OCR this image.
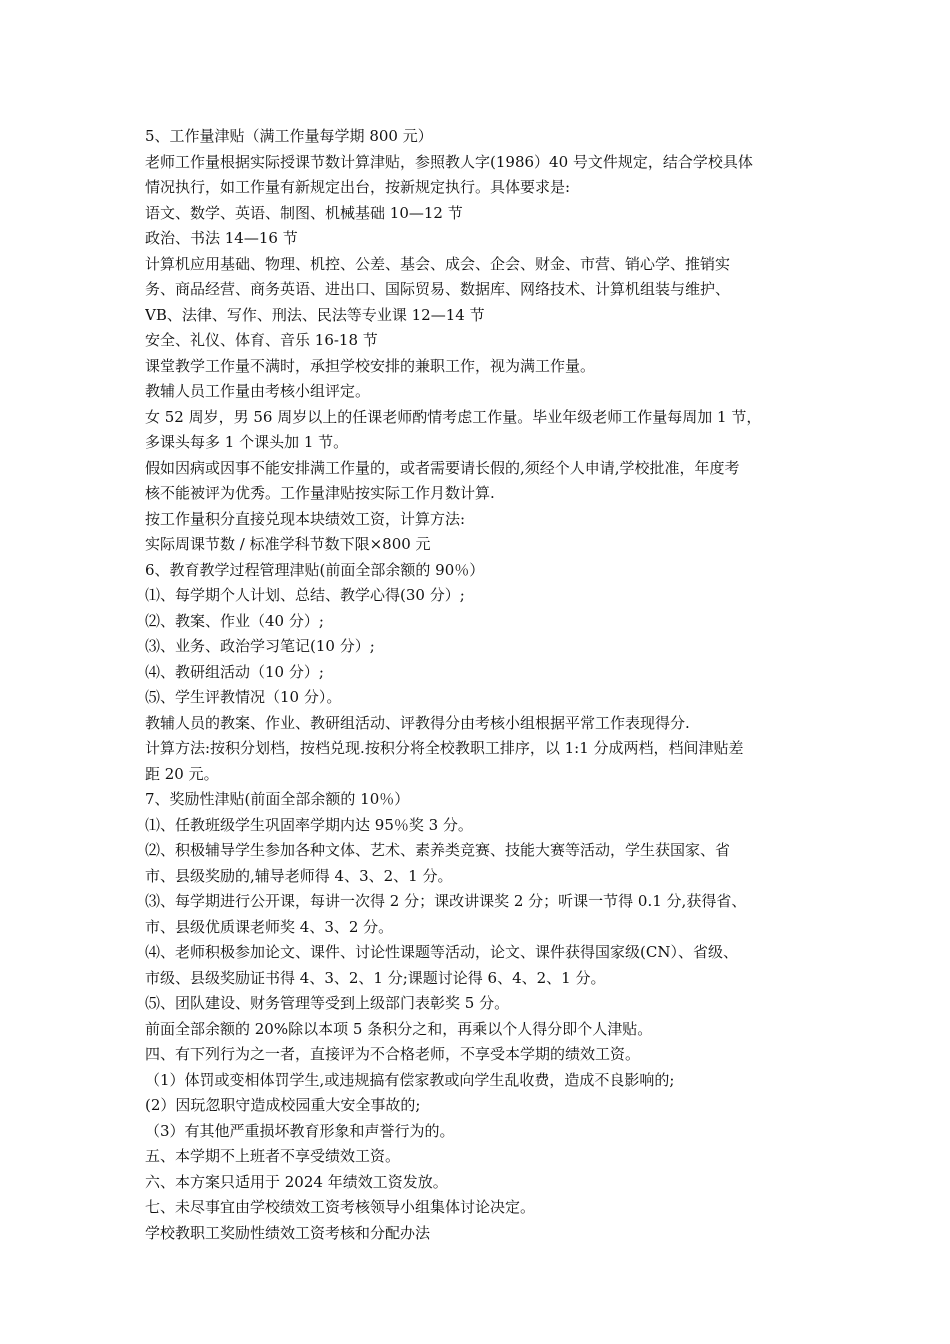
5、工作量津贴（满工作量每学期 800 元）

老师工作量根据实际授课节数计算津贴，参照教人字(1986）40 号文件规定，结合学校具体

情况执行，如工作量有新规定出台，按新规定执行。具体要求是:

语文、数学、英语、制图、机械基础 10—12 节

政治、书法 14—16 节

计算机应用基础、物理、机控、公差、基会、成会、企会、财金、市营、销心学、推销实

务、商品经营、商务英语、进出口、国际贸易、数据库、网络技术、计算机组装与维护、

VB、法律、写作、刑法、民法等专业课 12—14 节

安全、礼仪、体育、音乐 16-18 节

课堂教学工作量不满时，承担学校安排的兼职工作，视为满工作量。

教辅人员工作量由考核小组评定。

女 52 周岁，男 56 周岁以上的任课老师酌情考虑工作量。毕业年级老师工作量每周加 1 节，

多课头每多 1 个课头加 1 节。

假如因病或因事不能安排满工作量的，或者需要请长假的,须经个人申请,学校批准，年度考

核不能被评为优秀。工作量津贴按实际工作月数计算.

按工作量积分直接兑现本块绩效工资，计算方法:

实际周课节数 / 标准学科节数下限×800 元

6、教育教学过程管理津贴(前面全部余额的 90％）

⑴、每学期个人计划、总结、教学心得(30 分）;

⑵、教案、作业（40 分）;

⑶、业务、政治学习笔记(10 分）;

⑷、教研组活动（10 分）;

⑸、学生评教情况（10 分）。

教辅人员的教案、作业、教研组活动、评教得分由考核小组根据平常工作表现得分.

计算方法:按积分划档，按档兑现.按积分将全校教职工排序，以 1:1 分成两档，档间津贴差

距 20 元。

7、奖励性津贴(前面全部余额的 10％）

⑴、任教班级学生巩固率学期内达 95％奖 3 分。

⑵、积极辅导学生参加各种文体、艺术、素养类竞赛、技能大赛等活动，学生获国家、省

市、县级奖励的,辅导老师得 4、3、2、1 分。

⑶、每学期进行公开课，每讲一次得 2 分；课改讲课奖 2 分；听课一节得 0.1 分,获得省、

市、县级优质课老师奖 4、3、2 分。

⑷、老师积极参加论文、课件、讨论性课题等活动，论文、课件获得国家级(CN）、省级、

市级、县级奖励证书得 4、3、2、1 分;课题讨论得 6、4、2、1 分。

⑸、团队建设、财务管理等受到上级部门表彰奖 5 分。

前面全部余额的 20%除以本项 5 条积分之和，再乘以个人得分即个人津贴。

四、有下列行为之一者，直接评为不合格老师，不享受本学期的绩效工资。

（1）体罚或变相体罚学生,或违规搞有偿家教或向学生乱收费，造成不良影响的;

(2）因玩忽职守造成校园重大安全事故的;

（3）有其他严重损坏教育形象和声誉行为的。

五、本学期不上班者不享受绩效工资。

六、本方案只适用于 2024 年绩效工资发放。

七、未尽事宜由学校绩效工资考核领导小组集体讨论决定。

学校教职工奖励性绩效工资考核和分配办法
